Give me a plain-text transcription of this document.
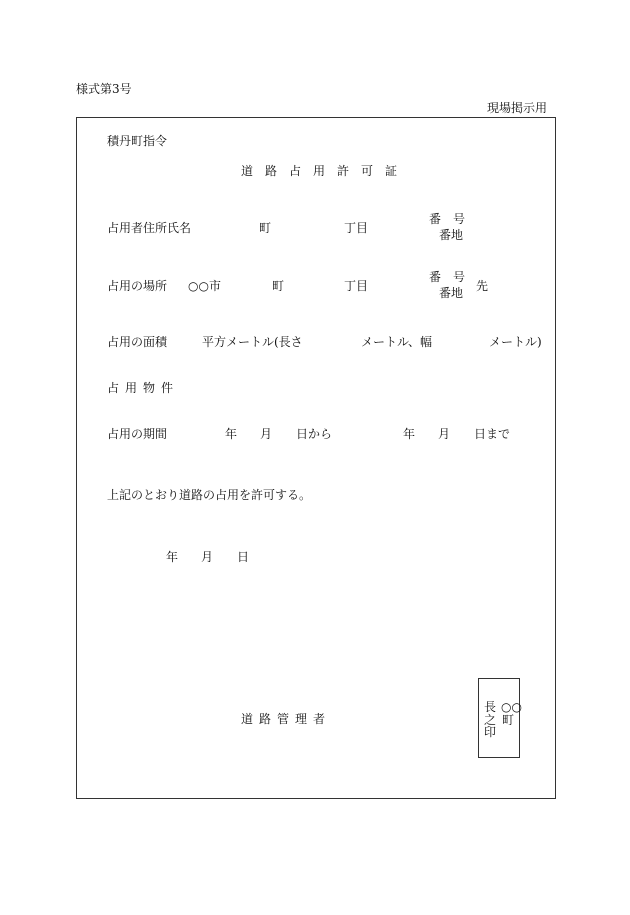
様式第3号
現場掲示用
積丹町指令
道路占用許可証
占用者住所氏名	町	丁目
番　号
番地
占用の場所 ○○市	町	丁目
番　号
番地 先
占用の面積	平方メートル(長さ	メートル、幅	メートル)
占用物件
占用の期間	年 月 日から	年 月 日まで
上記のとおり道路の占用を許可する。
年 月 日
道路管理者
長之印
○○町
